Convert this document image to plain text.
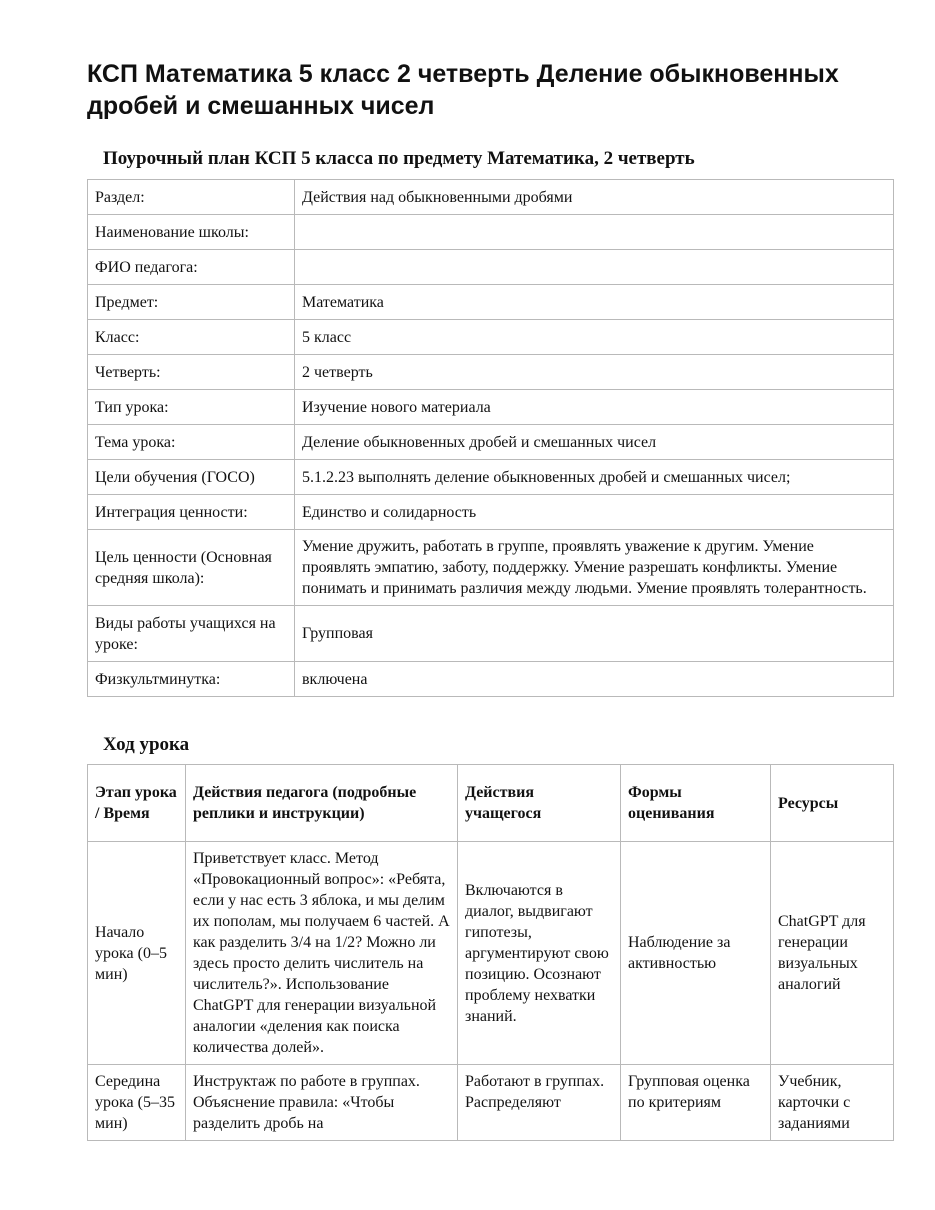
КСП Математика 5 класс 2 четверть Деление обыкновенных дробей и смешанных чисел
Поурочный план КСП 5 класса по предмету Математика, 2 четверть
Раздел:	Действия над обыкновенными дробями
Наименование школы:	
ФИО педагога:	
Предмет:	Математика
Класс:	5 класс
Четверть:	2 четверть
Тип урока:	Изучение нового материала
Тема урока:	Деление обыкновенных дробей и смешанных чисел
Цели обучения (ГОСО)	5.1.2.23 выполнять деление обыкновенных дробей и смешанных чисел;
Интеграция ценности:	Единство и солидарность
Цель ценности (Основная средняя школа):	Умение дружить, работать в группе, проявлять уважение к другим. Умение проявлять эмпатию, заботу, поддержку. Умение разрешать конфликты. Умение понимать и принимать различия между людьми. Умение проявлять толерантность.
Виды работы учащихся на уроке:	Групповая
Физкультминутка:	включена
Ход урока
Этап урока / Время	Действия педагога (подробные реплики и инструкции)	Действия учащегося	Формы оценивания	Ресурсы
Начало урока (0–5 мин)	Приветствует класс. Метод «Провокационный вопрос»: «Ребята, если у нас есть 3 яблока, и мы делим их пополам, мы получаем 6 частей. А как разделить 3/4 на 1/2? Можно ли здесь просто делить числитель на числитель?». Использование ChatGPT для генерации визуальной аналогии «деления как поиска количества долей».	Включаются в диалог, выдвигают гипотезы, аргументируют свою позицию. Осознают проблему нехватки знаний.	Наблюдение за активностью	ChatGPT для генерации визуальных аналогий
Середина урока (5–35 мин)	Инструктаж по работе в группах. Объяснение правила: «Чтобы разделить дробь на	Работают в группах. Распределяют	Групповая оценка по критериям	Учебник, карточки с заданиями
